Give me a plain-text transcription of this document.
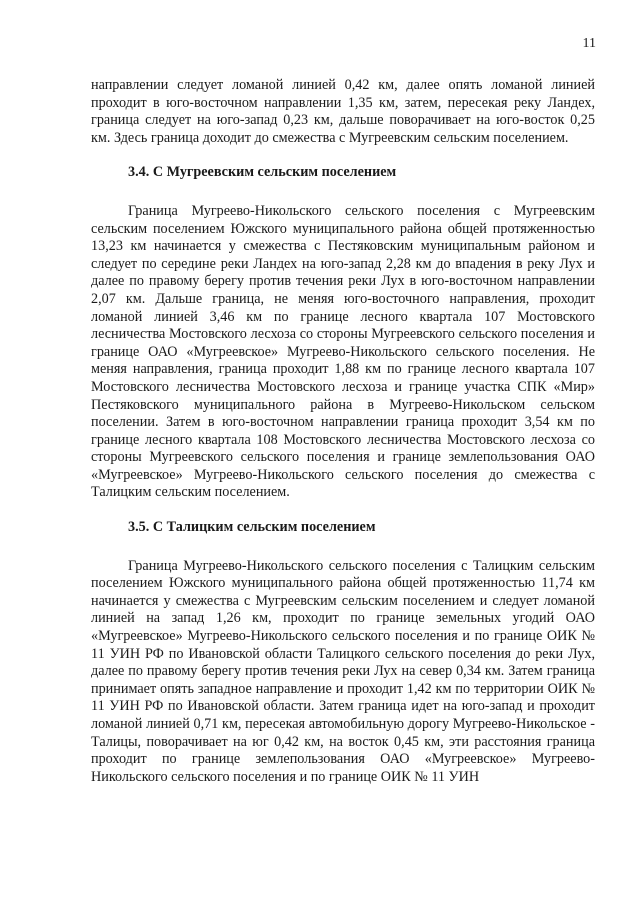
11

направлении следует ломаной линией 0,42 км, далее опять ломаной линией проходит в юго-восточном направлении 1,35 км, затем, пересекая реку Ландех, граница следует на юго-запад 0,23 км, дальше поворачивает на юго-восток 0,25 км. Здесь граница доходит до смежества с Мугреевским сельским поселением.

3.4. С Мугреевским сельским поселением

Граница Мугреево-Никольского сельского поселения с Мугреевским сельским поселением Южского муниципального района общей протяженностью 13,23 км начинается у смежества с Пестяковским муниципальным районом и следует по середине реки Ландех на юго-запад 2,28 км до впадения в реку Лух и далее по правому берегу против течения реки Лух в юго-восточном направлении 2,07 км. Дальше граница, не меняя юго-восточного направления, проходит ломаной линией 3,46 км по границе лесного квартала 107 Мостовского лесничества Мостовского лесхоза со стороны Мугреевского сельского поселения и границе ОАО «Мугреевское» Мугреево-Никольского сельского поселения. Не меняя направления, граница проходит 1,88 км по границе лесного квартала 107 Мостовского лесничества Мостовского лесхоза и границе участка СПК «Мир» Пестяковского муниципального района в Мугреево-Никольском сельском поселении. Затем в юго-восточном направлении граница проходит 3,54 км по границе лесного квартала 108 Мостовского лесничества Мостовского лесхоза со стороны Мугреевского сельского поселения и границе землепользования ОАО «Мугреевское» Мугреево-Никольского сельского поселения до смежества с Талицким сельским поселением.

3.5. С Талицким сельским поселением

Граница Мугреево-Никольского сельского поселения с Талицким сельским поселением Южского муниципального района общей протяженностью 11,74 км начинается у смежества с Мугреевским сельским поселением и следует ломаной линией на запад 1,26 км, проходит по границе земельных угодий ОАО «Мугреевское» Мугреево-Никольского сельского поселения и по границе ОИК № 11 УИН РФ по Ивановской области Талицкого сельского поселения до реки Лух, далее по правому берегу против течения реки Лух на север 0,34 км. Затем граница принимает опять западное направление и проходит 1,42 км по территории ОИК № 11 УИН РФ по Ивановской области. Затем граница идет на юго-запад и проходит ломаной линией 0,71 км, пересекая автомобильную дорогу Мугреево-Никольское - Талицы, поворачивает на юг 0,42 км, на восток 0,45 км, эти расстояния граница проходит по границе землепользования ОАО «Мугреевское» Мугреево-Никольского сельского поселения и по границе ОИК № 11 УИН
